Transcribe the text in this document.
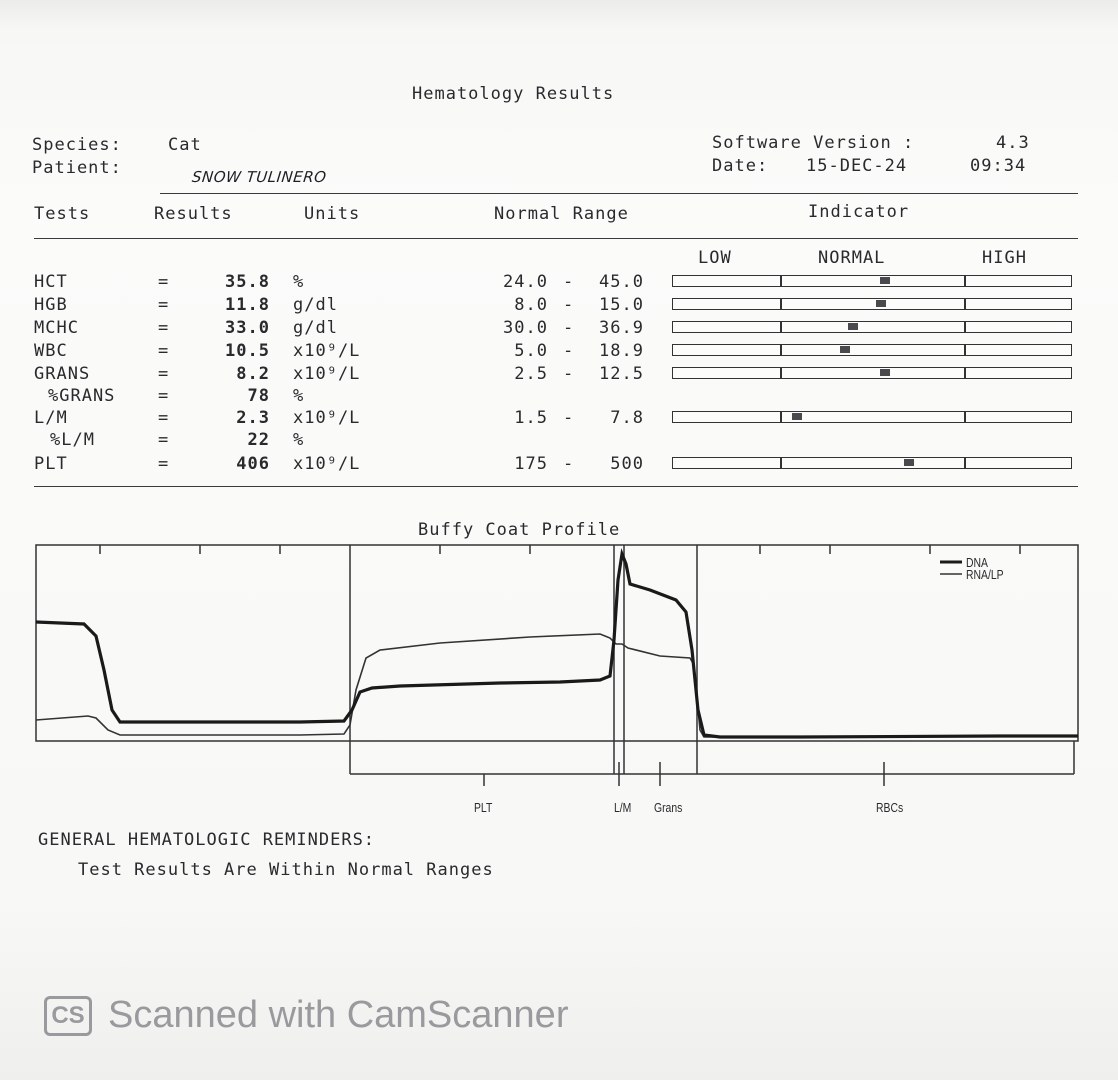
Hematology Results
Species:	Cat
Patient:	SNOW TULINERO
Software Version :	4.3
Date: 15-DEC-24	09:34
Tests	Results	Units	Normal Range	Indicator
LOW	NORMAL	HIGH
HCT	=	35.8 %	24.0 -	45.0
HGB	=	11.8 g/dl	8.0 -	15.0
MCHC	=	33.0 g/dl	30.0 -	36.9
WBC	=	10.5 x10⁹/L	5.0 -	18.9
GRANS	=	8.2 x10⁹/L	2.5 -	12.5
%GRANS	=	78 %
L/M	=	2.3 x10⁹/L	1.5 -	7.8
%L/M	=	22 %
PLT	=	406 x10⁹/L	175 -	500
Buffy Coat Profile
DNA
RNA/LP
PLT	L/M Grans	RBCs
GENERAL HEMATOLOGIC REMINDERS:
Test Results Are Within Normal Ranges
CS Scanned with CamScanner
